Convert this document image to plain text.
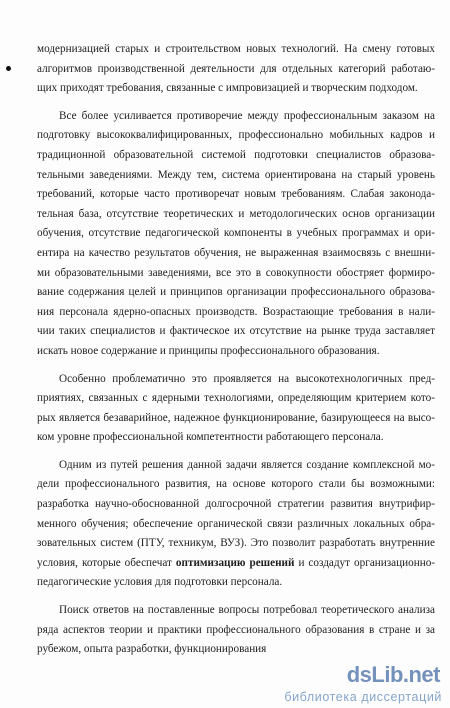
модернизацией старых и строительством новых технологий. На смену готовых

алгоритмов производственной деятельности для отдельных категорий работаю-

щих приходят требования, связанные с импровизацией и творческим подходом.

Все более усиливается противоречие между профессиональным заказом на

подготовку высококвалифицированных, профессионально мобильных кадров и

традиционной образовательной системой подготовки специалистов образова-

тельными заведениями. Между тем, система ориентирована на старый уровень

требований, которые часто противоречат новым требованиям. Слабая законода-

тельная база, отсутствие теоретических и методологических основ организации

обучения, отсутствие педагогической компоненты в учебных программах и ори-

ентира на качество результатов обучения, не выраженная взаимосвязь с внешни-

ми образовательными заведениями, все это в совокупности обостряет формиро-

вание содержания целей и принципов организации профессионального образова-

ния персонала ядерно-опасных производств. Возрастающие требования в нали-

чии таких специалистов и фактическое их отсутствие на рынке труда заставляет

искать новое содержание и принципы профессионального образования.

Особенно проблематично это проявляется на высокотехнологичных пред-

приятиях, связанных с ядерными технологиями, определяющим критерием кото-

рых является безаварийное, надежное функционирование, базирующееся на высо-

ком уровне профессиональной компетентности работающего персонала.

Одним из путей решения данной задачи является создание комплексной мо-

дели профессионального развития, на основе которого стали бы возможными:

разработка научно-обоснованной долгосрочной стратегии развития внутрифир-

менного обучения; обеспечение органической связи различных локальных обра-

зовательных систем (ПТУ, техникум, ВУЗ). Это позволит разработать внутренние

условия, которые обеспечат оптимизацию решений и создадут организационно-

педагогические условия для подготовки персонала.

Поиск ответов на поставленные вопросы потребовал теоретического анализа

ряда аспектов теории и практики профессионального образования в стране и за

рубежом, опыта разработки, функционирования

dsLib.net
библиотека диссертаций
